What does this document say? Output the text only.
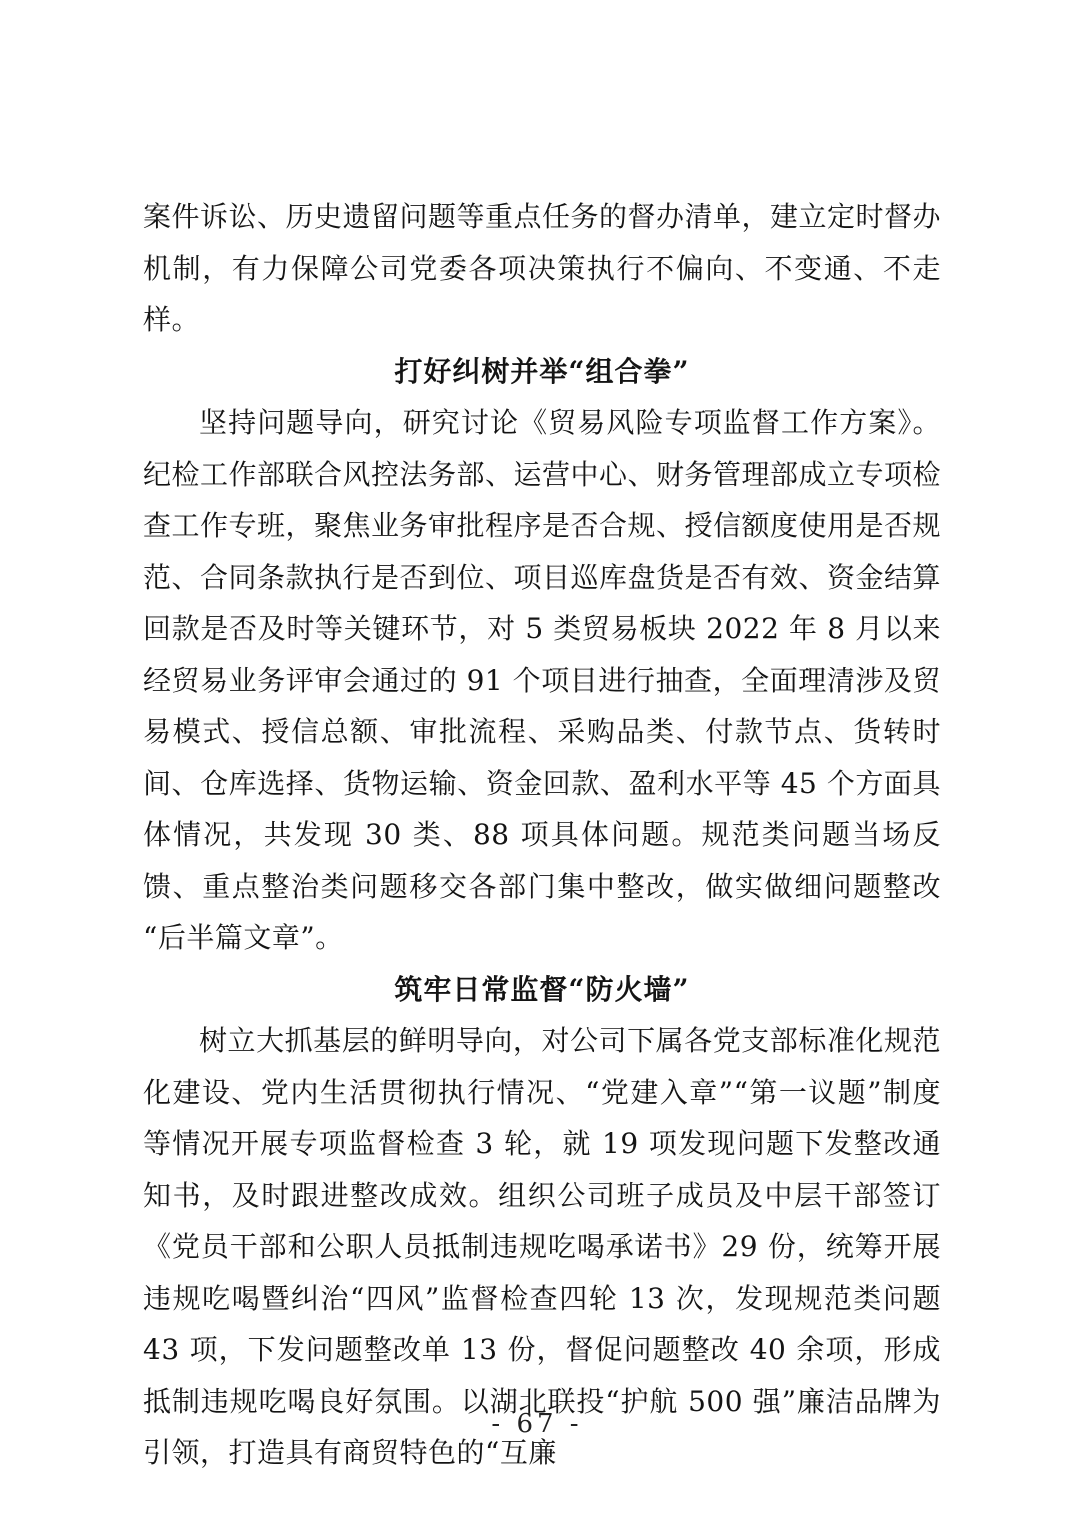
案件诉讼、历史遗留问题等重点任务的督办清单，建立定时督办机制，有力保障公司党委各项决策执行不偏向、不变通、不走样。

打好纠树并举“组合拳”

坚持问题导向，研究讨论《贸易风险专项监督工作方案》。纪检工作部联合风控法务部、运营中心、财务管理部成立专项检查工作专班，聚焦业务审批程序是否合规、授信额度使用是否规范、合同条款执行是否到位、项目巡库盘货是否有效、资金结算回款是否及时等关键环节，对 5 类贸易板块 2022 年 8 月以来经贸易业务评审会通过的 91 个项目进行抽查，全面理清涉及贸易模式、授信总额、审批流程、采购品类、付款节点、货转时间、仓库选择、货物运输、资金回款、盈利水平等 45 个方面具体情况，共发现 30 类、88 项具体问题。规范类问题当场反馈、重点整治类问题移交各部门集中整改，做实做细问题整改“后半篇文章”。

筑牢日常监督“防火墙”

树立大抓基层的鲜明导向，对公司下属各党支部标准化规范化建设、党内生活贯彻执行情况、“党建入章”“第一议题”制度等情况开展专项监督检查 3 轮，就 19 项发现问题下发整改通知书，及时跟进整改成效。组织公司班子成员及中层干部签订《党员干部和公职人员抵制违规吃喝承诺书》29 份，统筹开展违规吃喝暨纠治“四风”监督检查四轮 13 次，发现规范类问题 43 项，下发问题整改单 13 份，督促问题整改 40 余项，形成抵制违规吃喝良好氛围。以湖北联投“护航 500 强”廉洁品牌为引领，打造具有商贸特色的“互廉

- 67 -
